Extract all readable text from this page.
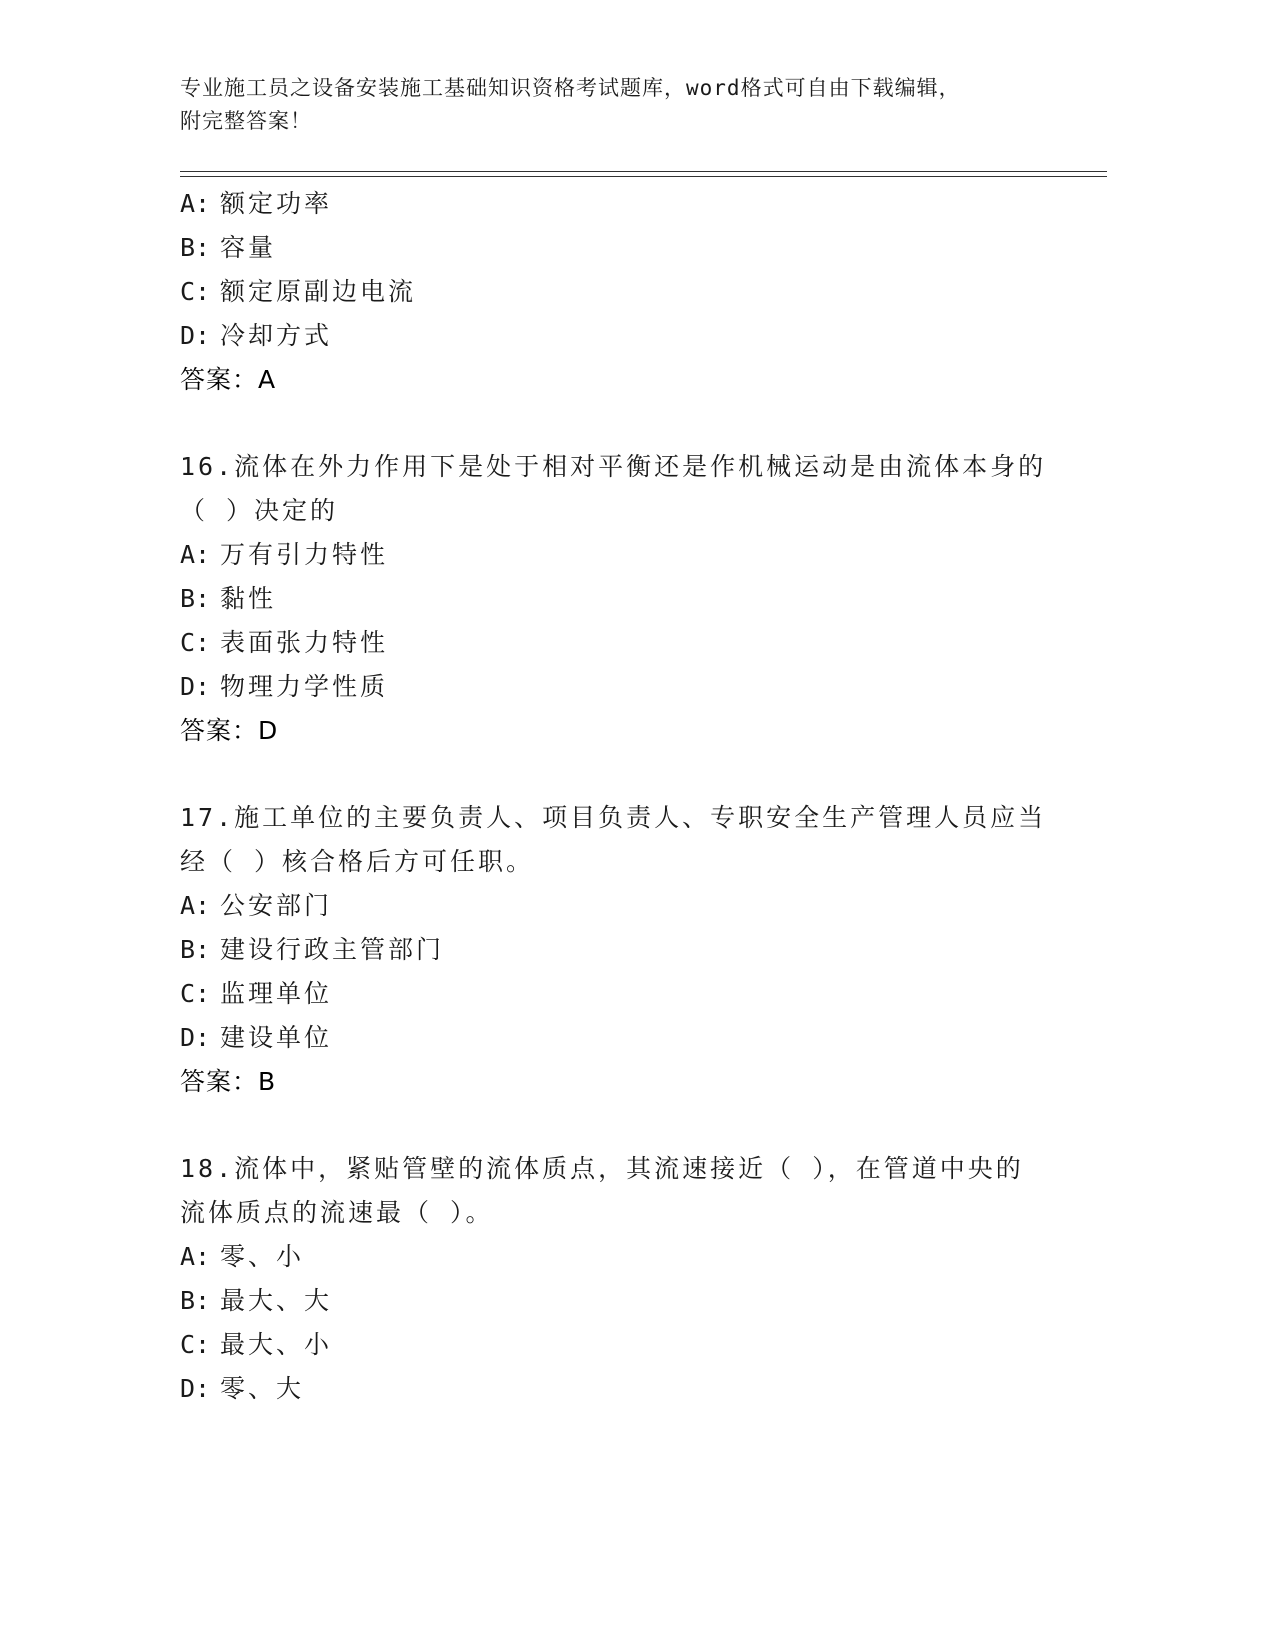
专业施工员之设备安装施工基础知识资格考试题库，word格式可自由下载编辑，
附完整答案！
A: 额定功率
B: 容量
C: 额定原副边电流
D: 冷却方式
答案：A
16.流体在外力作用下是处于相对平衡还是作机械运动是由流体本身的
（ ）决定的
A: 万有引力特性
B: 黏性
C: 表面张力特性
D: 物理力学性质
答案：D
17.施工单位的主要负责人、项目负责人、专职安全生产管理人员应当
经（ ）核合格后方可任职。
A: 公安部门
B: 建设行政主管部门
C: 监理单位
D: 建设单位
答案：B
18.流体中，紧贴管壁的流体质点，其流速接近（ ），在管道中央的
流体质点的流速最（ ）。
A: 零、小
B: 最大、大
C: 最大、小
D: 零、大
